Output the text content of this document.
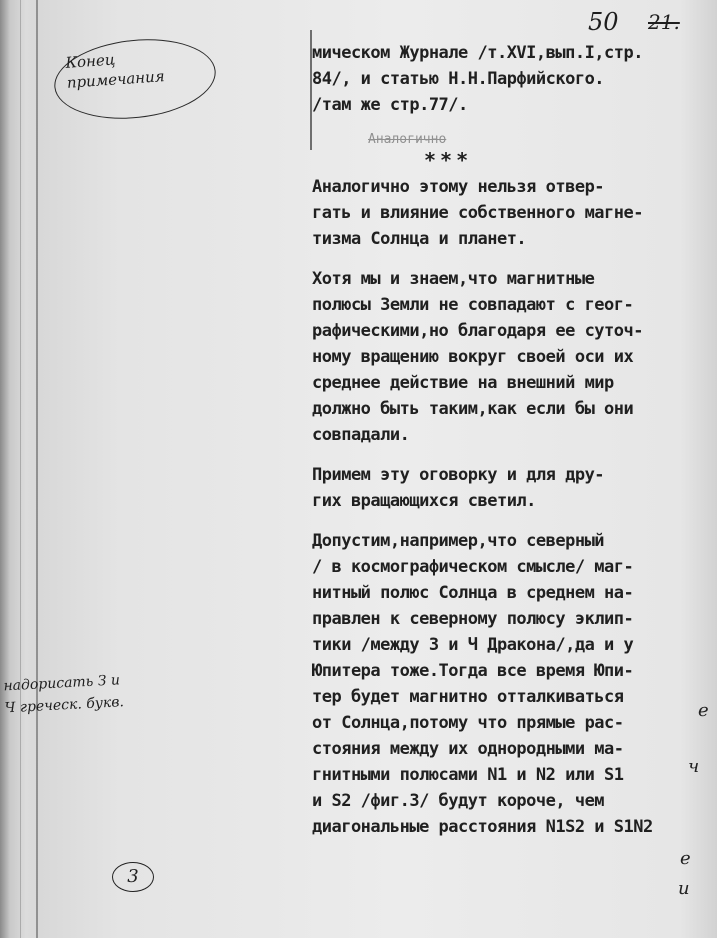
50 21.
Конец примечания
надорисать З и Ч греческ. букв.
3
Аналогично
***
мическом Журнале /т.XVI,вып.I,стр.
84/, и статью Н.Н.Парфийского.
/там же стр.77/.
Аналогично этому нельзя отвер-
гать и влияние собственного магне-
тизма Солнца и планет.
Хотя мы и знаем,что магнитные
полюсы Земли не совпадают с геог-
рафическими,но благодаря ее суточ-
ному вращению вокруг своей оси их
среднее действие на внешний мир
должно быть таким,как если бы они
совпадали.
Примем эту оговорку и для дру-
гих вращающихся светил.
Допустим,например,что северный
/ в космографическом смысле/ маг-
нитный полюс Солнца в среднем на-
правлен к северному полюсу эклип-
тики /между З и Ч Дракона/,да и у
Юпитера тоже.Тогда все время Юпи-
тер будет магнитно отталкиваться
от Солнца,потому что прямые рас-
стояния между их однородными ма-
гнитными полюсами N1 и N2 или S1
и S2 /фиг.3/ будут короче, чем
диагональные расстояния N1S2 и S1N2
е
ч
е
и
